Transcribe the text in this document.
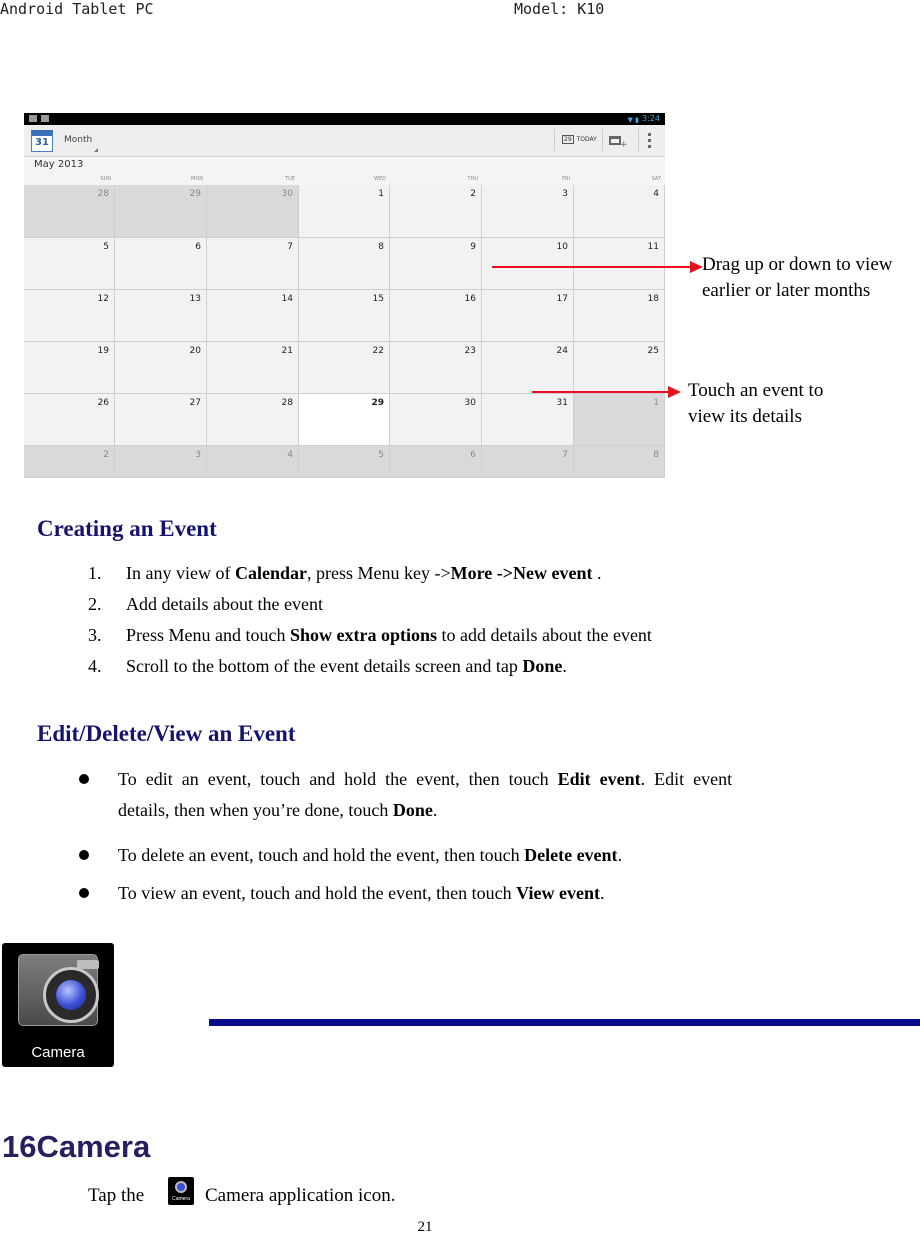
Android Tablet PC	Model: K10
▼ ▮ 3:24
31	Month	29 TODAY
+
May 2013
SUN	MON	TUE	WED	THU	FRI	SAT
28	29	30	1	2	3	4
5	6	7	8	9	10	11
12	13	14	15	16	17	18
19	20	21	22	23	24	25
26	27	28	29	30	31	1
2	3	4	5	6	7	8
Drag up or down to view
earlier or later months
Touch an event to
view its details
Creating an Event
1. In any view of Calendar, press Menu key ->More ->New event .
2. Add details about the event
3. Press Menu and touch Show extra options to add details about the event
4. Scroll to the bottom of the event details screen and tap Done.
Edit/Delete/View an Event
To  edit  an  event,  touch  and  hold  the  event,  then  touch  Edit  event.  Edit  event
details, then when you’re done, touch Done.
To delete an event, touch and hold the event, then touch Delete event.
To view an event, touch and hold the event, then touch View event.
Camera
16Camera
Tap the	Camera Camera application icon.
21
